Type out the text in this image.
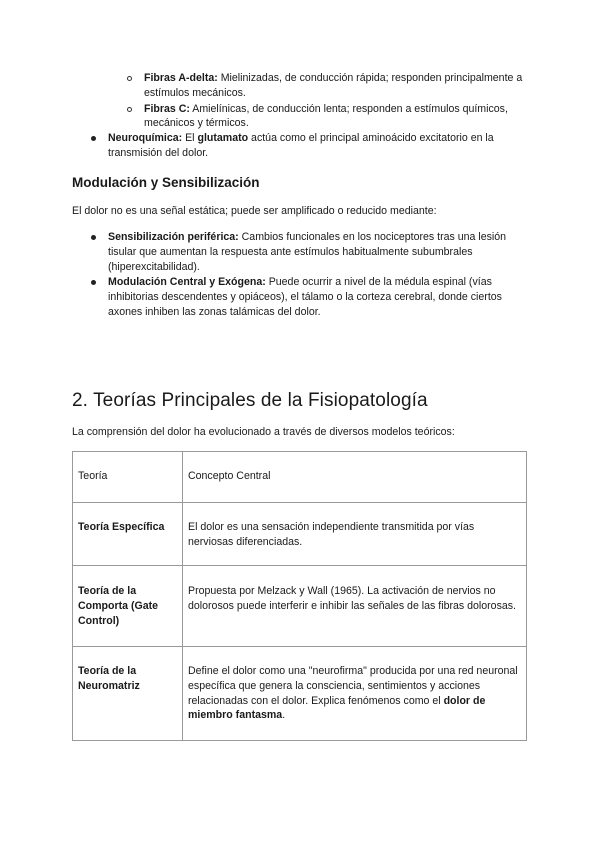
Fibras A-delta: Mielinizadas, de conducción rápida; responden principalmente a estímulos mecánicos.
Fibras C: Amielínicas, de conducción lenta; responden a estímulos químicos, mecánicos y térmicos.
Neuroquímica: El glutamato actúa como el principal aminoácido excitatorio en la transmisión del dolor.
Modulación y Sensibilización

El dolor no es una señal estática; puede ser amplificado o reducido mediante:

Sensibilización periférica: Cambios funcionales en los nociceptores tras una lesión tisular que aumentan la respuesta ante estímulos habitualmente subumbrales (hiperexcitabilidad).
Modulación Central y Exógena: Puede ocurrir a nivel de la médula espinal (vías inhibitorias descendentes y opiáceos), el tálamo o la corteza cerebral, donde ciertos axones inhiben las zonas talámicas del dolor.
2. Teorías Principales de la Fisiopatología

La comprensión del dolor ha evolucionado a través de diversos modelos teóricos:

Teoría	Concepto Central
Teoría Específica	El dolor es una sensación independiente transmitida por vías nerviosas diferenciadas.
Teoría de la Comporta (Gate Control)	Propuesta por Melzack y Wall (1965). La activación de nervios no dolorosos puede interferir e inhibir las señales de las fibras dolorosas.
Teoría de la Neuromatriz	Define el dolor como una "neurofirma" producida por una red neuronal específica que genera la consciencia, sentimientos y acciones relacionadas con el dolor. Explica fenómenos como el dolor de miembro fantasma.
